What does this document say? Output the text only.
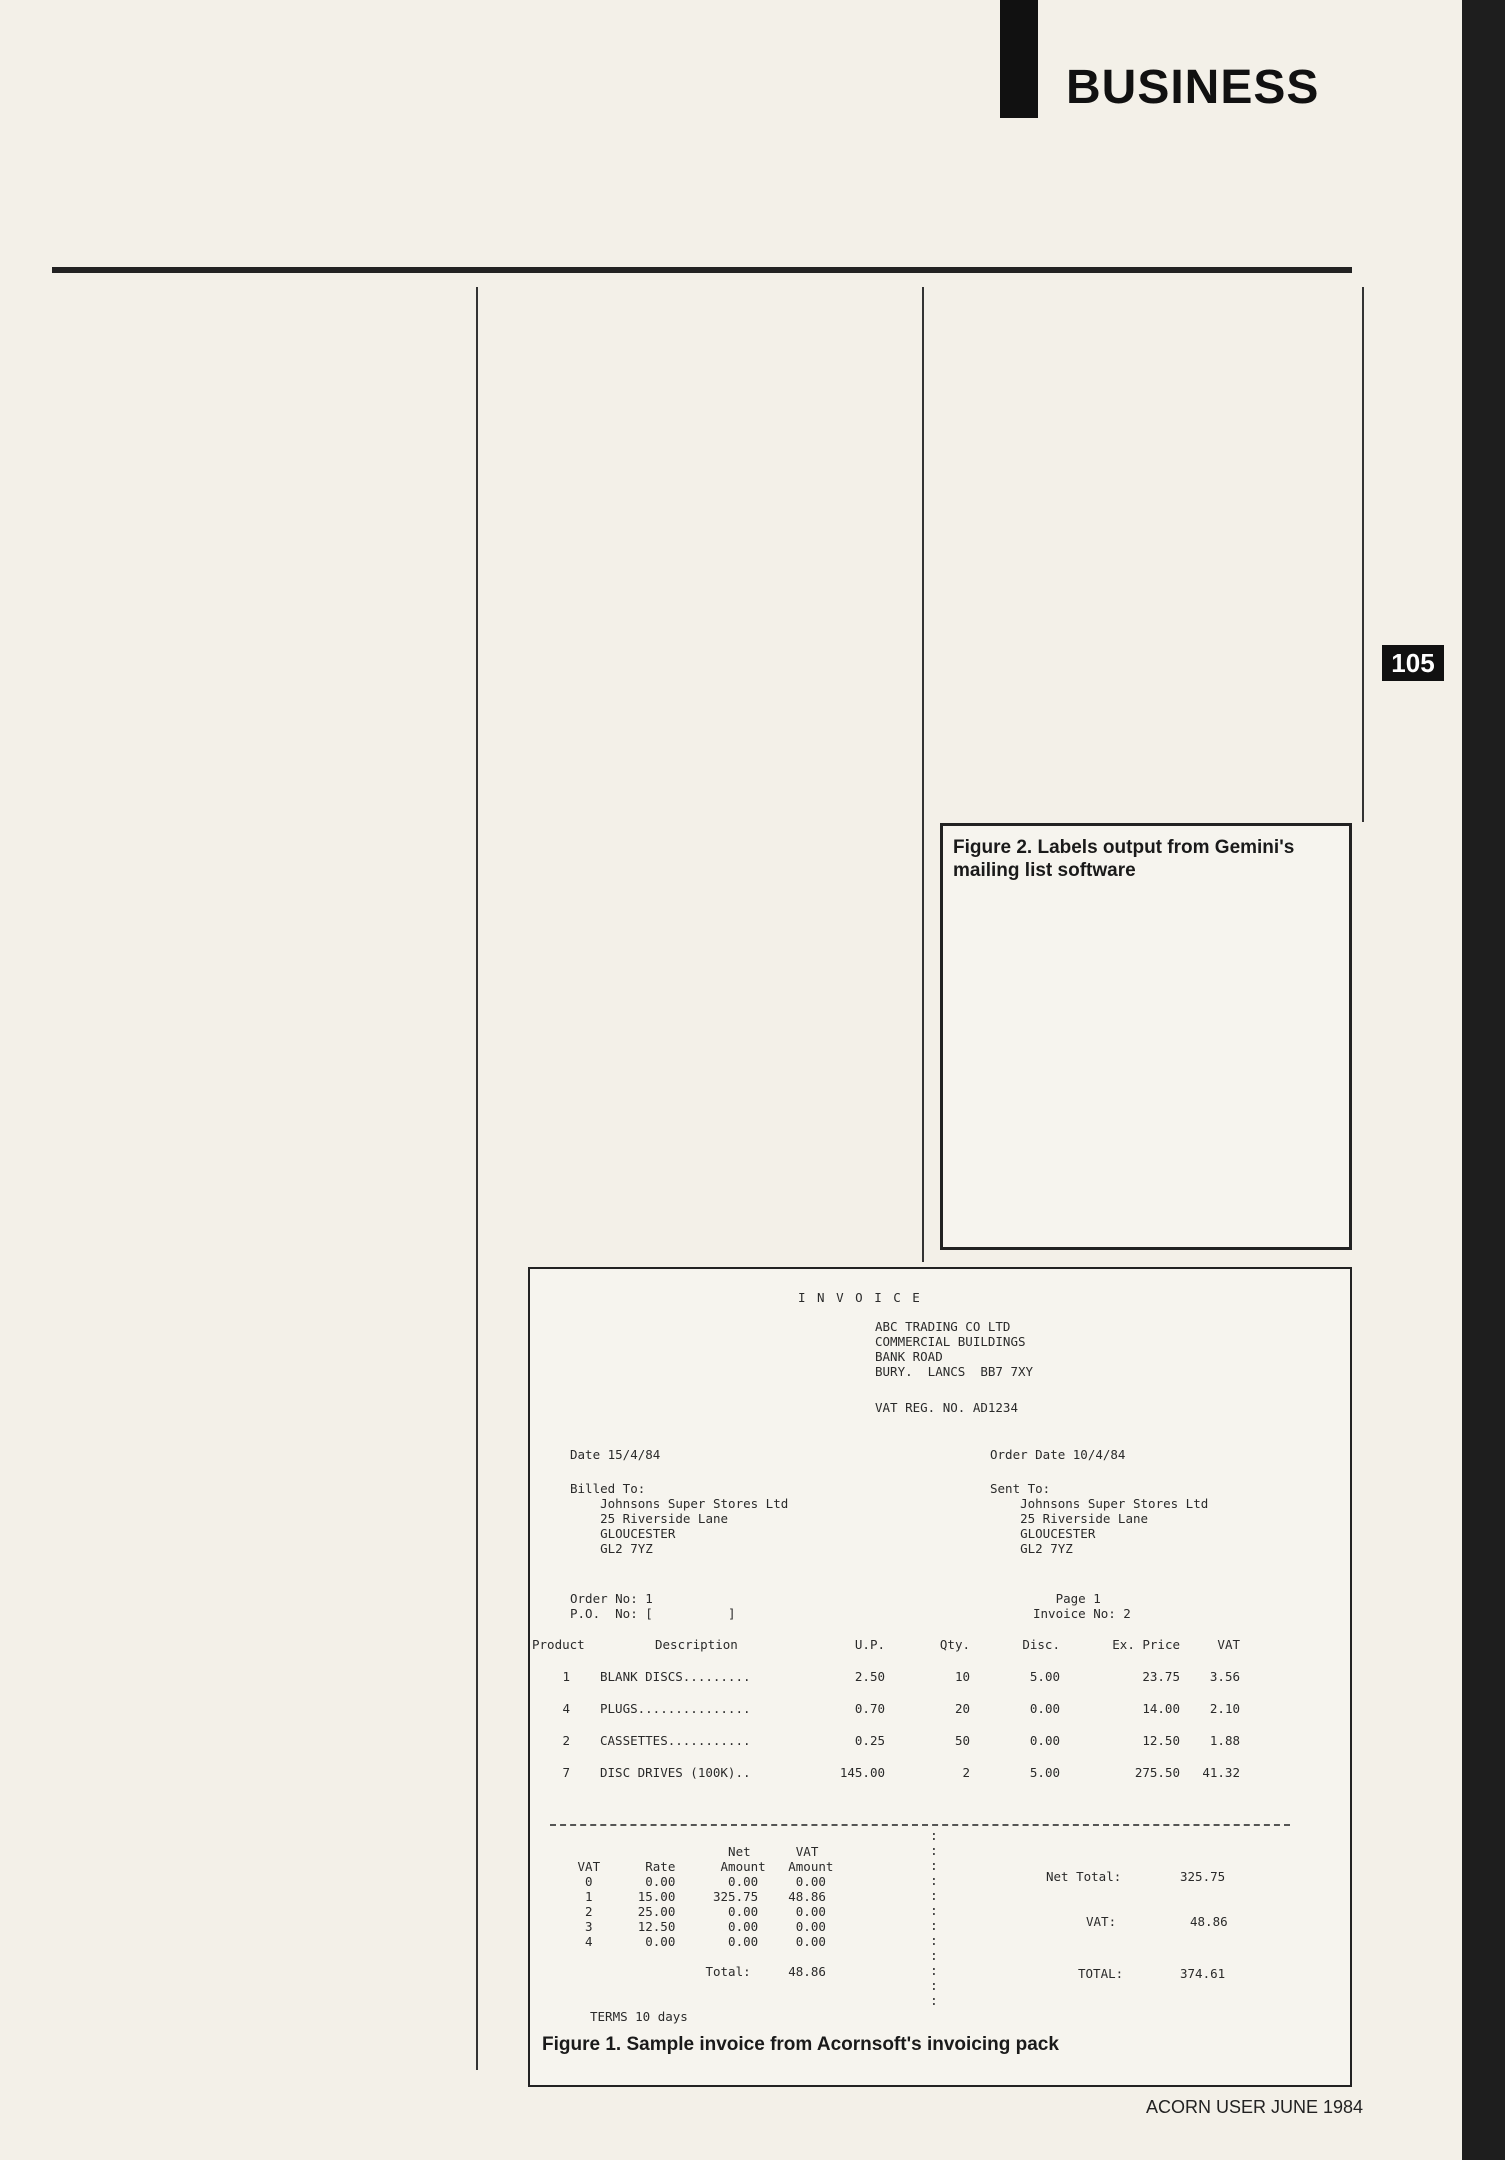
BUSINESS
105
Figure 2. Labels output from Gemini's mailing list software
I N V O I C E
ABC TRADING CO LTD
COMMERCIAL BUILDINGS
BANK ROAD
BURY.  LANCS  BB7 7XY
VAT REG. NO. AD1234
Date 15/4/84	Order Date 10/4/84
Billed To:
Johnsons Super Stores Ltd
25 Riverside Lane
GLOUCESTER
GL2 7YZ
Sent To:
Johnsons Super Stores Ltd
25 Riverside Lane
GLOUCESTER
GL2 7YZ
Order No: 1
P.O.  No: [          ]
Page 1
Invoice No: 2
Product	Description	U.P.	Qty.	Disc.	Ex. Price	VAT
1 BLANK DISCS.........	2.50	10	5.00	23.75	3.56
4 PLUGS...............	0.70	20	0.00	14.00	2.10
2 CASSETTES...........	0.25	50	0.00	12.50	1.88
7 DISC DRIVES (100K)..	145.00	2	5.00	275.50	41.32
Net      VAT
VAT      Rate      Amount   Amount
0       0.00       0.00     0.00
1      15.00     325.75    48.86
2      25.00       0.00     0.00
3      12.50       0.00     0.00
4       0.00       0.00     0.00

Total:     48.86
:
:
:
:
:
:
:
:
:
:
:
:
Net Total:	325.75
VAT:	48.86
TOTAL:	374.61
TERMS 10 days
Figure 1. Sample invoice from Acornsoft's invoicing pack
ACORN USER JUNE 1984
